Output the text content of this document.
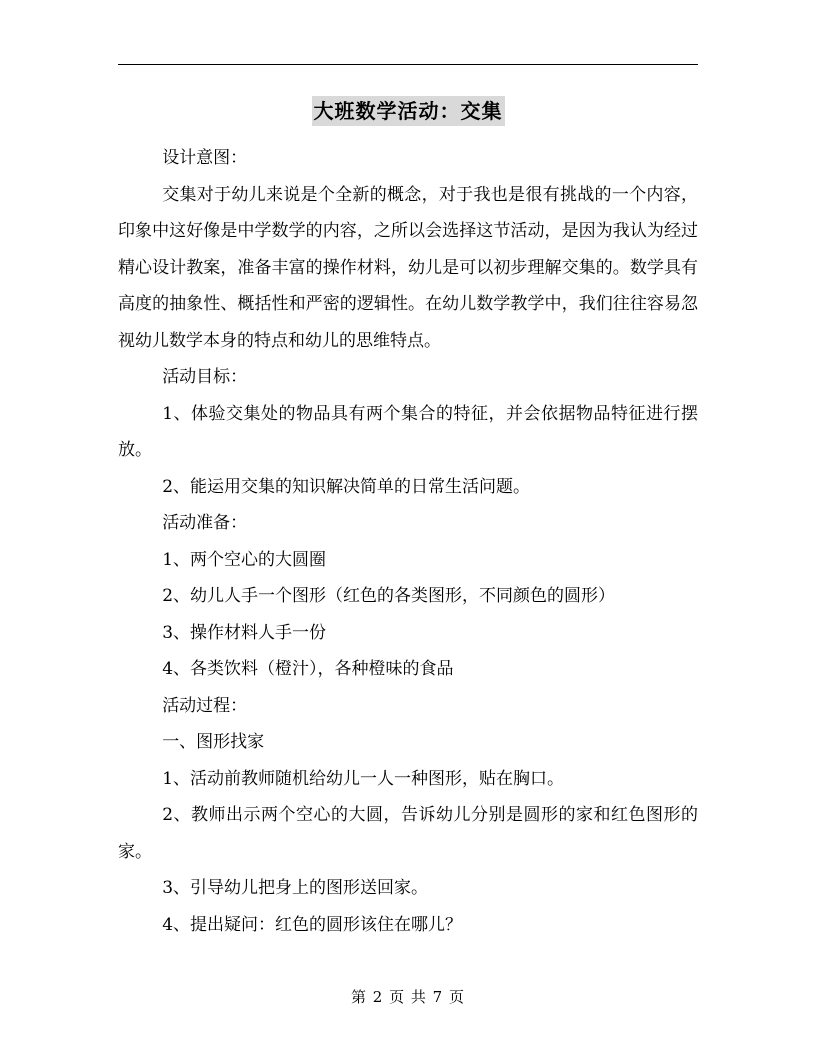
大班数学活动：交集

设计意图：

交集对于幼儿来说是个全新的概念，对于我也是很有挑战的一个内容，印象中这好像是中学数学的内容，之所以会选择这节活动，是因为我认为经过精心设计教案，准备丰富的操作材料，幼儿是可以初步理解交集的。数学具有高度的抽象性、概括性和严密的逻辑性。在幼儿数学教学中，我们往往容易忽视幼儿数学本身的特点和幼儿的思维特点。

活动目标：

1、体验交集处的物品具有两个集合的特征，并会依据物品特征进行摆放。

2、能运用交集的知识解决简单的日常生活问题。

活动准备：

1、两个空心的大圆圈

2、幼儿人手一个图形（红色的各类图形，不同颜色的圆形）

3、操作材料人手一份

4、各类饮料（橙汁），各种橙味的食品

活动过程：

一、图形找家

1、活动前教师随机给幼儿一人一种图形，贴在胸口。

2、教师出示两个空心的大圆，告诉幼儿分别是圆形的家和红色图形的家。

3、引导幼儿把身上的图形送回家。

4、提出疑问：红色的圆形该住在哪儿？

第 2 页 共 7 页
